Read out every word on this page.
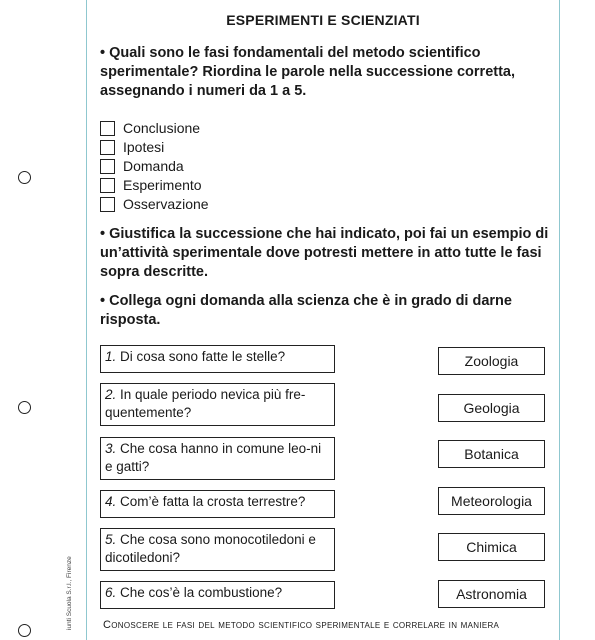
iunti Scuola S.r.l., Firenze
ESPERIMENTI E SCIENZIATI
• Quali sono le fasi fondamentali del metodo scientifico sperimentale? Riordina le parole nella successione corretta, assegnando i numeri da 1 a 5.
Conclusione
Ipotesi
Domanda
Esperimento
Osservazione
• Giustifica la successione che hai indicato, poi fai un esempio di un’attività sperimentale dove potresti mettere in atto tutte le fasi sopra descritte.
• Collega ogni domanda alla scienza che è in grado di darne risposta.
1. Di cosa sono fatte le stelle?
2. In quale periodo nevica più fre-quentemente?
3. Che cosa hanno in comune leo-ni e gatti?
4. Com’è fatta la crosta terrestre?
5. Che cosa sono monocotiledoni e dicotiledoni?
6. Che cos’è la combustione?
Zoologia
Geologia
Botanica
Meteorologia
Chimica
Astronomia
Conoscere le fasi del metodo scientifico sperimentale e correlare in maniera
